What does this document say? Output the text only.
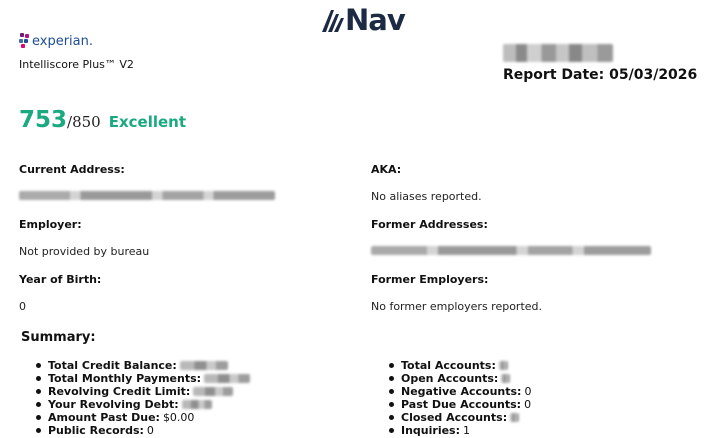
Nav
experian.
Intelliscore Plus™ V2
Report Date: 05/03/2026
753 /850 Excellent
Current Address:
Employer:
Not provided by bureau
Year of Birth:
0
AKA:
No aliases reported.
Former Addresses:
Former Employers:
No former employers reported.
Summary:
Total Credit Balance:
Total Monthly Payments:
Revolving Credit Limit:
Your Revolving Debt:
Amount Past Due: $0.00
Public Records: 0
Total Accounts:
Open Accounts:
Negative Accounts: 0
Past Due Accounts: 0
Closed Accounts:
Inquiries: 1
